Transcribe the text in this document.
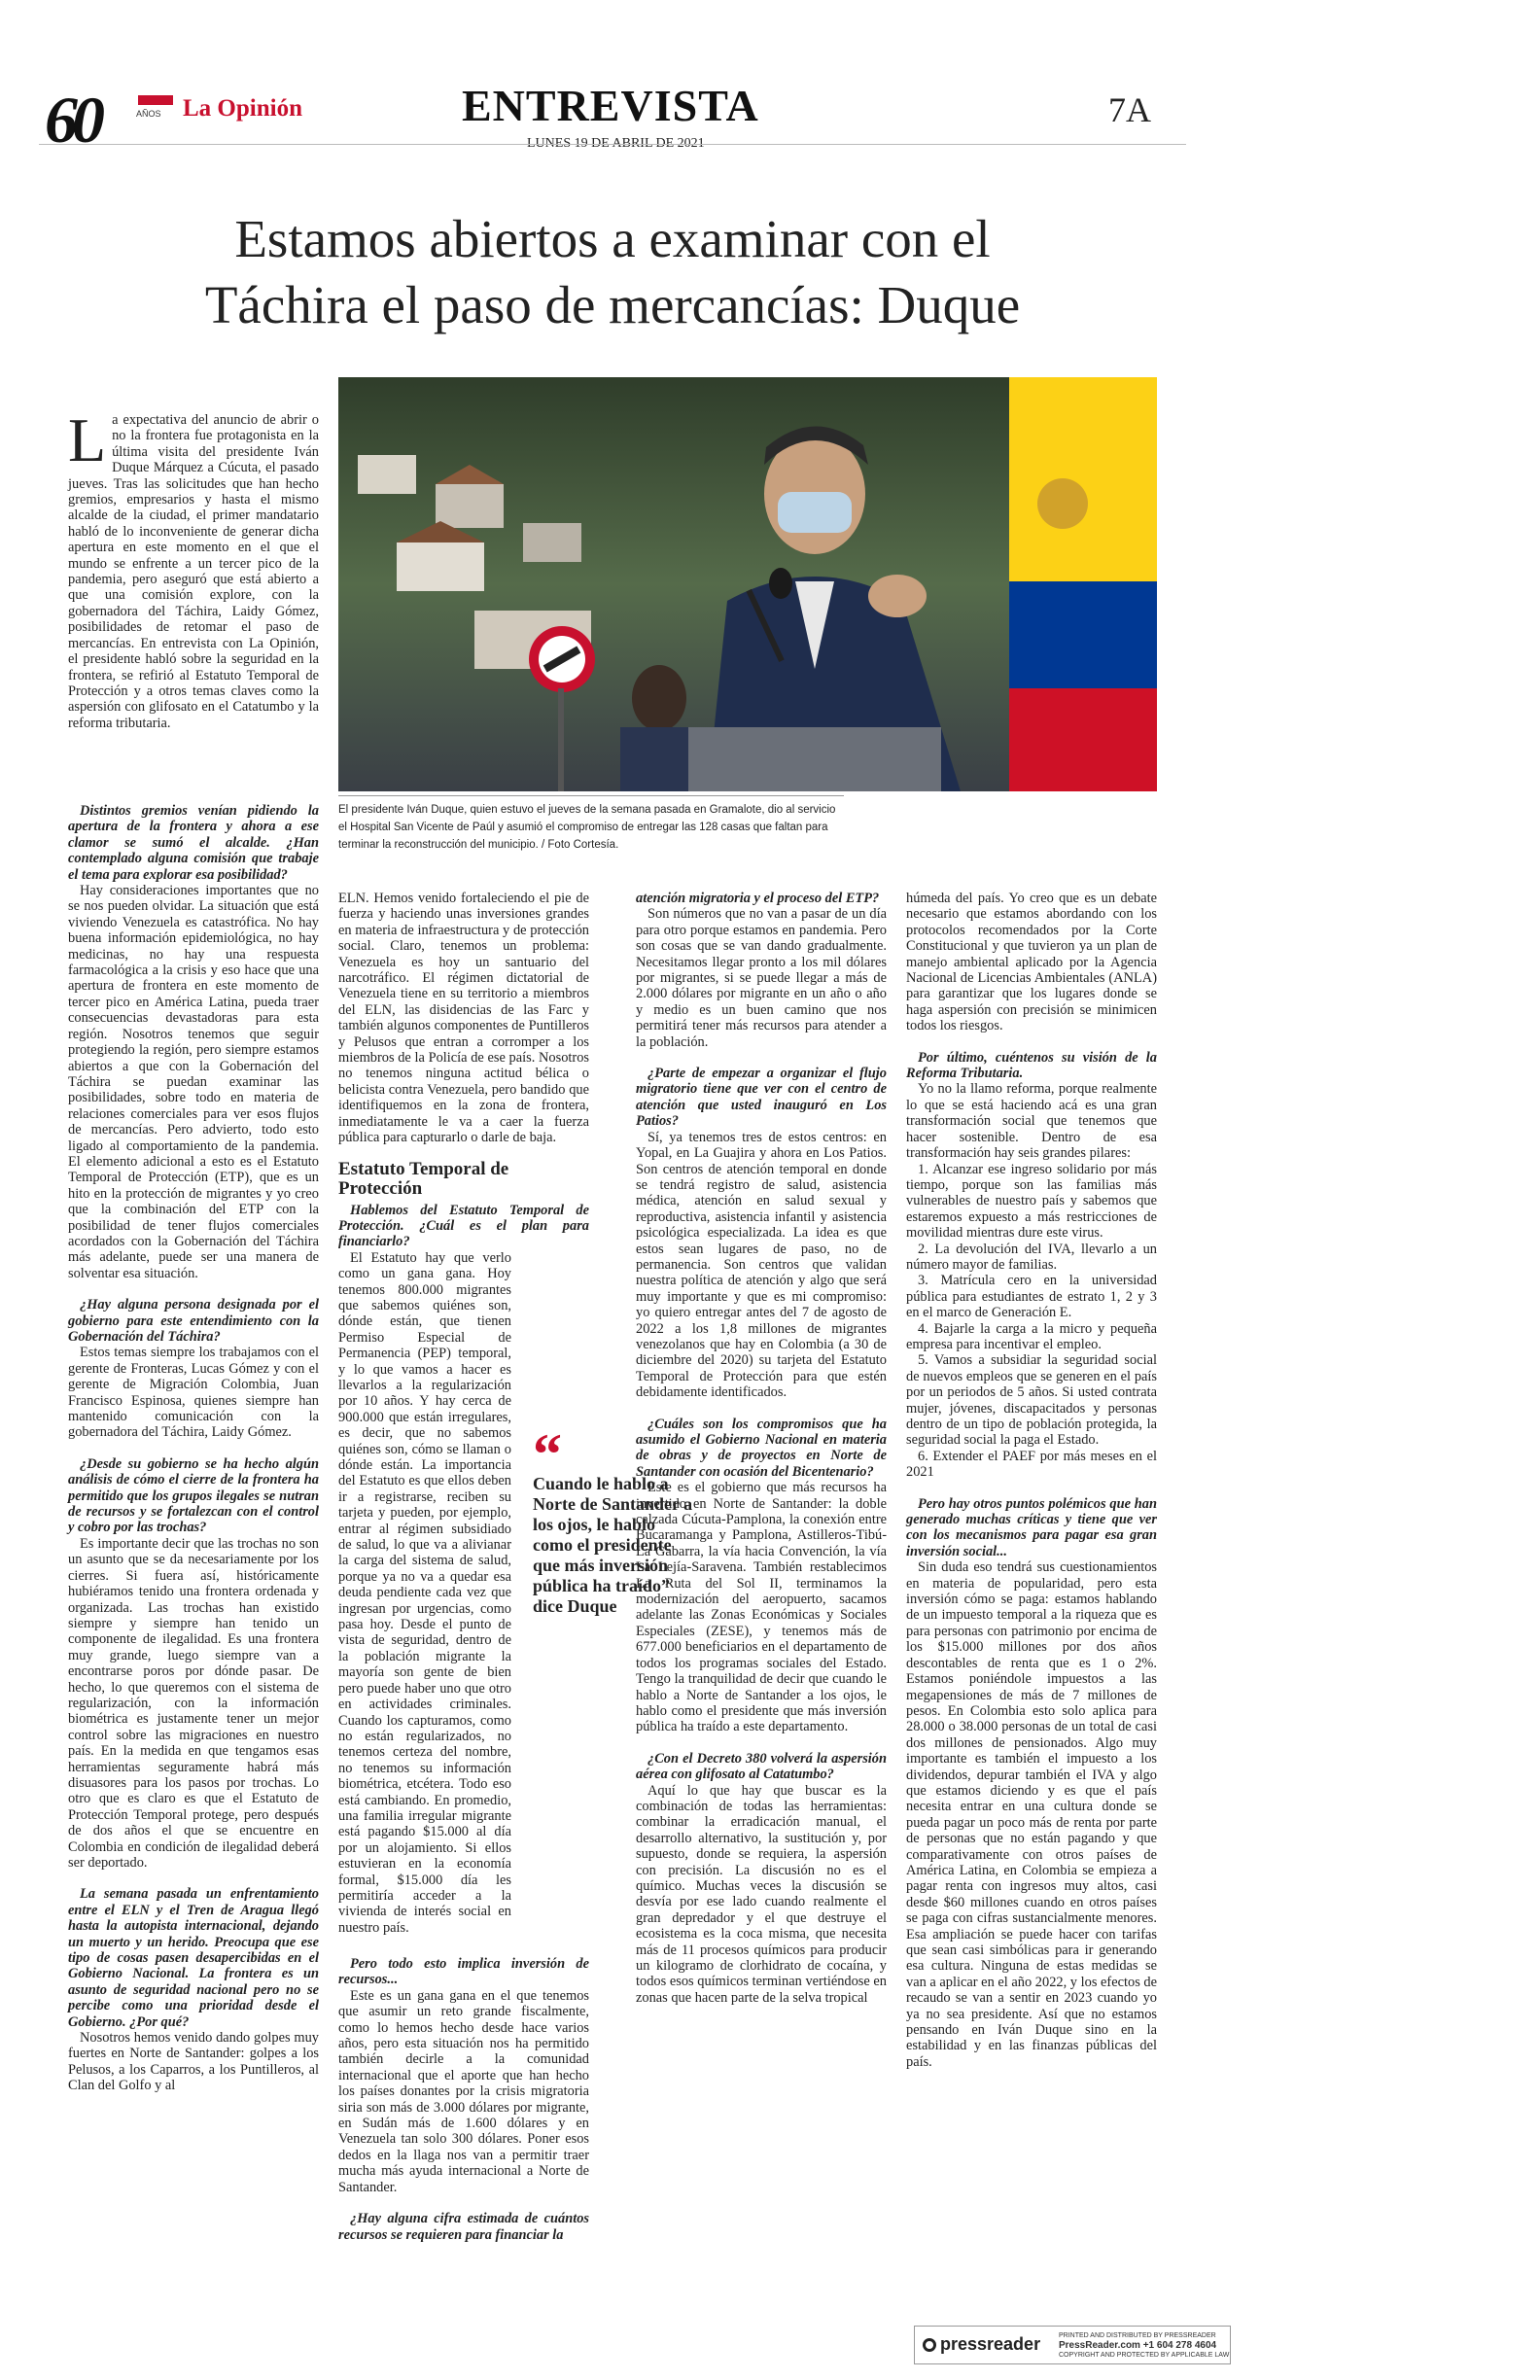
60	AÑOS La Opinión	ENTREVISTA
LUNES 19 DE ABRIL DE 2021
7A
Estamos abiertos a examinar con el
Táchira el paso de mercancías: Duque
El presidente Iván Duque, quien estuvo el jueves de la semana pasada en Gramalote, dio al servicio el Hospital San Vicente de Paúl y asumió el compromiso de entregar las 128 casas que faltan para terminar la reconstrucción del municipio. / Foto Cortesía.

La expectativa del anuncio de abrir o no la frontera fue protagonista en la última visita del presidente Iván Duque Márquez a Cúcuta, el pasado jueves. Tras las solicitudes que han hecho gremios, empresarios y hasta el mismo alcalde de la ciudad, el primer mandatario habló de lo inconveniente de generar dicha apertura en este momento en el que el mundo se enfrente a un tercer pico de la pandemia, pero aseguró que está abierto a que una comisión explore, con la gobernadora del Táchira, Laidy Gómez, posibilidades de retomar el paso de mercancías. En entrevista con La Opinión, el presidente habló sobre la seguridad en la frontera, se refirió al Estatuto Temporal de Protección y a otros temas claves como la aspersión con glifosato en el Catatumbo y la reforma tributaria.

Distintos gremios venían pidiendo la apertura de la frontera y ahora a ese clamor se sumó el alcalde. ¿Han contemplado alguna comisión que trabaje el tema para explorar esa posibilidad?

Hay consideraciones importantes que no se nos pueden olvidar. La situación que está viviendo Venezuela es catastrófica. No hay buena información epidemiológica, no hay medicinas, no hay una respuesta farmacológica a la crisis y eso hace que una apertura de frontera en este momento de tercer pico en América Latina, pueda traer consecuencias devastadoras para esta región. Nosotros tenemos que seguir protegiendo la región, pero siempre estamos abiertos a que con la Gobernación del Táchira se puedan examinar las posibilidades, sobre todo en materia de relaciones comerciales para ver esos flujos de mercancías. Pero advierto, todo esto ligado al comportamiento de la pandemia. El elemento adicional a esto es el Estatuto Temporal de Protección (ETP), que es un hito en la protección de migrantes y yo creo que la combinación del ETP con la posibilidad de tener flujos comerciales acordados con la Gobernación del Táchira más adelante, puede ser una manera de solventar esa situación.

¿Hay alguna persona designada por el gobierno para este entendimiento con la Gobernación del Táchira?

Estos temas siempre los trabajamos con el gerente de Fronteras, Lucas Gómez y con el gerente de Migración Colombia, Juan Francisco Espinosa, quienes siempre han mantenido comunicación con la gobernadora del Táchira, Laidy Gómez.

¿Desde su gobierno se ha hecho algún análisis de cómo el cierre de la frontera ha permitido que los grupos ilegales se nutran de recursos y se fortalezcan con el control y cobro por las trochas?

Es importante decir que las trochas no son un asunto que se da necesariamente por los cierres. Si fuera así, históricamente hubiéramos tenido una frontera ordenada y organizada. Las trochas han existido siempre y siempre han tenido un componente de ilegalidad. Es una frontera muy grande, luego siempre van a encontrarse poros por dónde pasar. De hecho, lo que queremos con el sistema de regularización, con la información biométrica es justamente tener un mejor control sobre las migraciones en nuestro país. En la medida en que tengamos esas herramientas seguramente habrá más disuasores para los pasos por trochas. Lo otro que es claro es que el Estatuto de Protección Temporal protege, pero después de dos años el que se encuentre en Colombia en condición de ilegalidad deberá ser deportado.

La semana pasada un enfrentamiento entre el ELN y el Tren de Aragua llegó hasta la autopista internacional, dejando un muerto y un herido. Preocupa que ese tipo de cosas pasen desapercibidas en el Gobierno Nacional. La frontera es un asunto de seguridad nacional pero no se percibe como una prioridad desde el Gobierno. ¿Por qué?

Nosotros hemos venido dando golpes muy fuertes en Norte de Santander: golpes a los Pelusos, a los Caparros, a los Puntilleros, al Clan del Golfo y al

ELN. Hemos venido fortaleciendo el pie de fuerza y haciendo unas inversiones grandes en materia de infraestructura y de protección social. Claro, tenemos un problema: Venezuela es hoy un santuario del narcotráfico. El régimen dictatorial de Venezuela tiene en su territorio a miembros del ELN, las disidencias de las Farc y también algunos componentes de Puntilleros y Pelusos que entran a corromper a los miembros de la Policía de ese país. Nosotros no tenemos ninguna actitud bélica o belicista contra Venezuela, pero bandido que identifiquemos en la zona de frontera, inmediatamente le va a caer la fuerza pública para capturarlo o darle de baja.

Estatuto Temporal de Protección

Hablemos del Estatuto Temporal de Protección. ¿Cuál es el plan para financiarlo?

El Estatuto hay que verlo como un gana gana. Hoy tenemos 800.000 migrantes que sabemos quiénes son, dónde están, que tienen Permiso Especial de Permanencia (PEP) temporal, y lo que vamos a hacer es llevarlos a la regularización por 10 años. Y hay cerca de 900.000 que están irregulares, es decir, que no sabemos quiénes son, cómo se llaman o dónde están. La importancia del Estatuto es que ellos deben ir a registrarse, reciben su tarjeta y pueden, por ejemplo, entrar al régimen subsidiado de salud, lo que va a alivianar la carga del sistema de salud, porque ya no va a quedar esa deuda pendiente cada vez que ingresan por urgencias, como pasa hoy. Desde el punto de vista de seguridad, dentro de la población migrante la mayoría son gente de bien pero puede haber uno que otro en actividades criminales. Cuando los capturamos, como no están regularizados, no tenemos certeza del nombre, no tenemos su información biométrica, etcétera. Todo eso está cambiando. En promedio, una familia irregular migrante está pagando $15.000 al día por un alojamiento. Si ellos estuvieran en la economía formal, $15.000 día les permitiría acceder a la vivienda de interés social en nuestro país.

Pero todo esto implica inversión de recursos...

Este es un gana gana en el que tenemos que asumir un reto grande fiscalmente, como lo hemos hecho desde hace varios años, pero esta situación nos ha permitido también decirle a la comunidad internacional que el aporte que han hecho los países donantes por la crisis migratoria siria son más de 3.000 dólares por migrante, en Sudán más de 1.600 dólares y en Venezuela tan solo 300 dólares. Poner esos dedos en la llaga nos van a permitir traer mucha más ayuda internacional a Norte de Santander.

¿Hay alguna cifra estimada de cuántos recursos se requieren para financiar la

“
Cuando le hablo a Norte de Santander a los ojos, le hablo como el presidente que más inversión pública ha traído” dice Duque

atención migratoria y el proceso del ETP?

Son números que no van a pasar de un día para otro porque estamos en pandemia. Pero son cosas que se van dando gradualmente. Necesitamos llegar pronto a los mil dólares por migrantes, si se puede llegar a más de 2.000 dólares por migrante en un año o año y medio es un buen camino que nos permitirá tener más recursos para atender a la población.

¿Parte de empezar a organizar el flujo migratorio tiene que ver con el centro de atención que usted inauguró en Los Patios?

Sí, ya tenemos tres de estos centros: en Yopal, en La Guajira y ahora en Los Patios. Son centros de atención temporal en donde se tendrá registro de salud, asistencia médica, atención en salud sexual y reproductiva, asistencia infantil y asistencia psicológica especializada. La idea es que estos sean lugares de paso, no de permanencia. Son centros que validan nuestra política de atención y algo que será muy importante y que es mi compromiso: yo quiero entregar antes del 7 de agosto de 2022 a los 1,8 millones de migrantes venezolanos que hay en Colombia (a 30 de diciembre del 2020) su tarjeta del Estatuto Temporal de Protección para que estén debidamente identificados.

¿Cuáles son los compromisos que ha asumido el Gobierno Nacional en materia de obras y de proyectos en Norte de Santander con ocasión del Bicentenario?

Este es el gobierno que más recursos ha invertido en Norte de Santander: la doble calzada Cúcuta-Pamplona, la conexión entre Bucaramanga y Pamplona, Astilleros-Tibú-La Gabarra, la vía hacia Convención, la vía La Lejía-Saravena. También restablecimos La Ruta del Sol II, terminamos la modernización del aeropuerto, sacamos adelante las Zonas Económicas y Sociales Especiales (ZESE), y tenemos más de 677.000 beneficiarios en el departamento de todos los programas sociales del Estado. Tengo la tranquilidad de decir que cuando le hablo a Norte de Santander a los ojos, le hablo como el presidente que más inversión pública ha traído a este departamento.

¿Con el Decreto 380 volverá la aspersión aérea con glifosato al Catatumbo?

Aquí lo que hay que buscar es la combinación de todas las herramientas: combinar la erradicación manual, el desarrollo alternativo, la sustitución y, por supuesto, donde se requiera, la aspersión con precisión. La discusión no es el químico. Muchas veces la discusión se desvía por ese lado cuando realmente el gran depredador y el que destruye el ecosistema es la coca misma, que necesita más de 11 procesos químicos para producir un kilogramo de clorhidrato de cocaína, y todos esos químicos terminan vertiéndose en zonas que hacen parte de la selva tropical

húmeda del país. Yo creo que es un debate necesario que estamos abordando con los protocolos recomendados por la Corte Constitucional y que tuvieron ya un plan de manejo ambiental aplicado por la Agencia Nacional de Licencias Ambientales (ANLA) para garantizar que los lugares donde se haga aspersión con precisión se minimicen todos los riesgos.

Por último, cuéntenos su visión de la Reforma Tributaria.

Yo no la llamo reforma, porque realmente lo que se está haciendo acá es una gran transformación social que tenemos que hacer sostenible. Dentro de esa transformación hay seis grandes pilares:

1. Alcanzar ese ingreso solidario por más tiempo, porque son las familias más vulnerables de nuestro país y sabemos que estaremos expuesto a más restricciones de movilidad mientras dure este virus.
2. La devolución del IVA, llevarlo a un número mayor de familias.
3. Matrícula cero en la universidad pública para estudiantes de estrato 1, 2 y 3 en el marco de Generación E.
4. Bajarle la carga a la micro y pequeña empresa para incentivar el empleo.
5. Vamos a subsidiar la seguridad social de nuevos empleos que se generen en el país por un periodos de 5 años. Si usted contrata mujer, jóvenes, discapacitados y personas dentro de un tipo de población protegida, la seguridad social la paga el Estado.
6. Extender el PAEF por más meses en el 2021

Pero hay otros puntos polémicos que han generado muchas críticas y tiene que ver con los mecanismos para pagar esa gran inversión social...

Sin duda eso tendrá sus cuestionamientos en materia de popularidad, pero esta inversión cómo se paga: estamos hablando de un impuesto temporal a la riqueza que es para personas con patrimonio por encima de los $15.000 millones por dos años descontables de renta que es 1 o 2%. Estamos poniéndole impuestos a las megapensiones de más de 7 millones de pesos. En Colombia esto solo aplica para 28.000 o 38.000 personas de un total de casi dos millones de pensionados. Algo muy importante es también el impuesto a los dividendos, depurar también el IVA y algo que estamos diciendo y es que el país necesita entrar en una cultura donde se pueda pagar un poco más de renta por parte de personas que no están pagando y que comparativamente con otros países de América Latina, en Colombia se empieza a pagar renta con ingresos muy altos, casi desde $60 millones cuando en otros países se paga con cifras sustancialmente menores. Esa ampliación se puede hacer con tarifas que sean casi simbólicas para ir generando esa cultura. Ninguna de estas medidas se van a aplicar en el año 2022, y los efectos de recaudo se van a sentir en 2023 cuando yo ya no sea presidente. Así que no estamos pensando en Iván Duque sino en la estabilidad y en las finanzas públicas del país.

pressreader	PRINTED AND DISTRIBUTED BY PRESSREADER
PressReader.com +1 604 278 4604
COPYRIGHT AND PROTECTED BY APPLICABLE LAW
